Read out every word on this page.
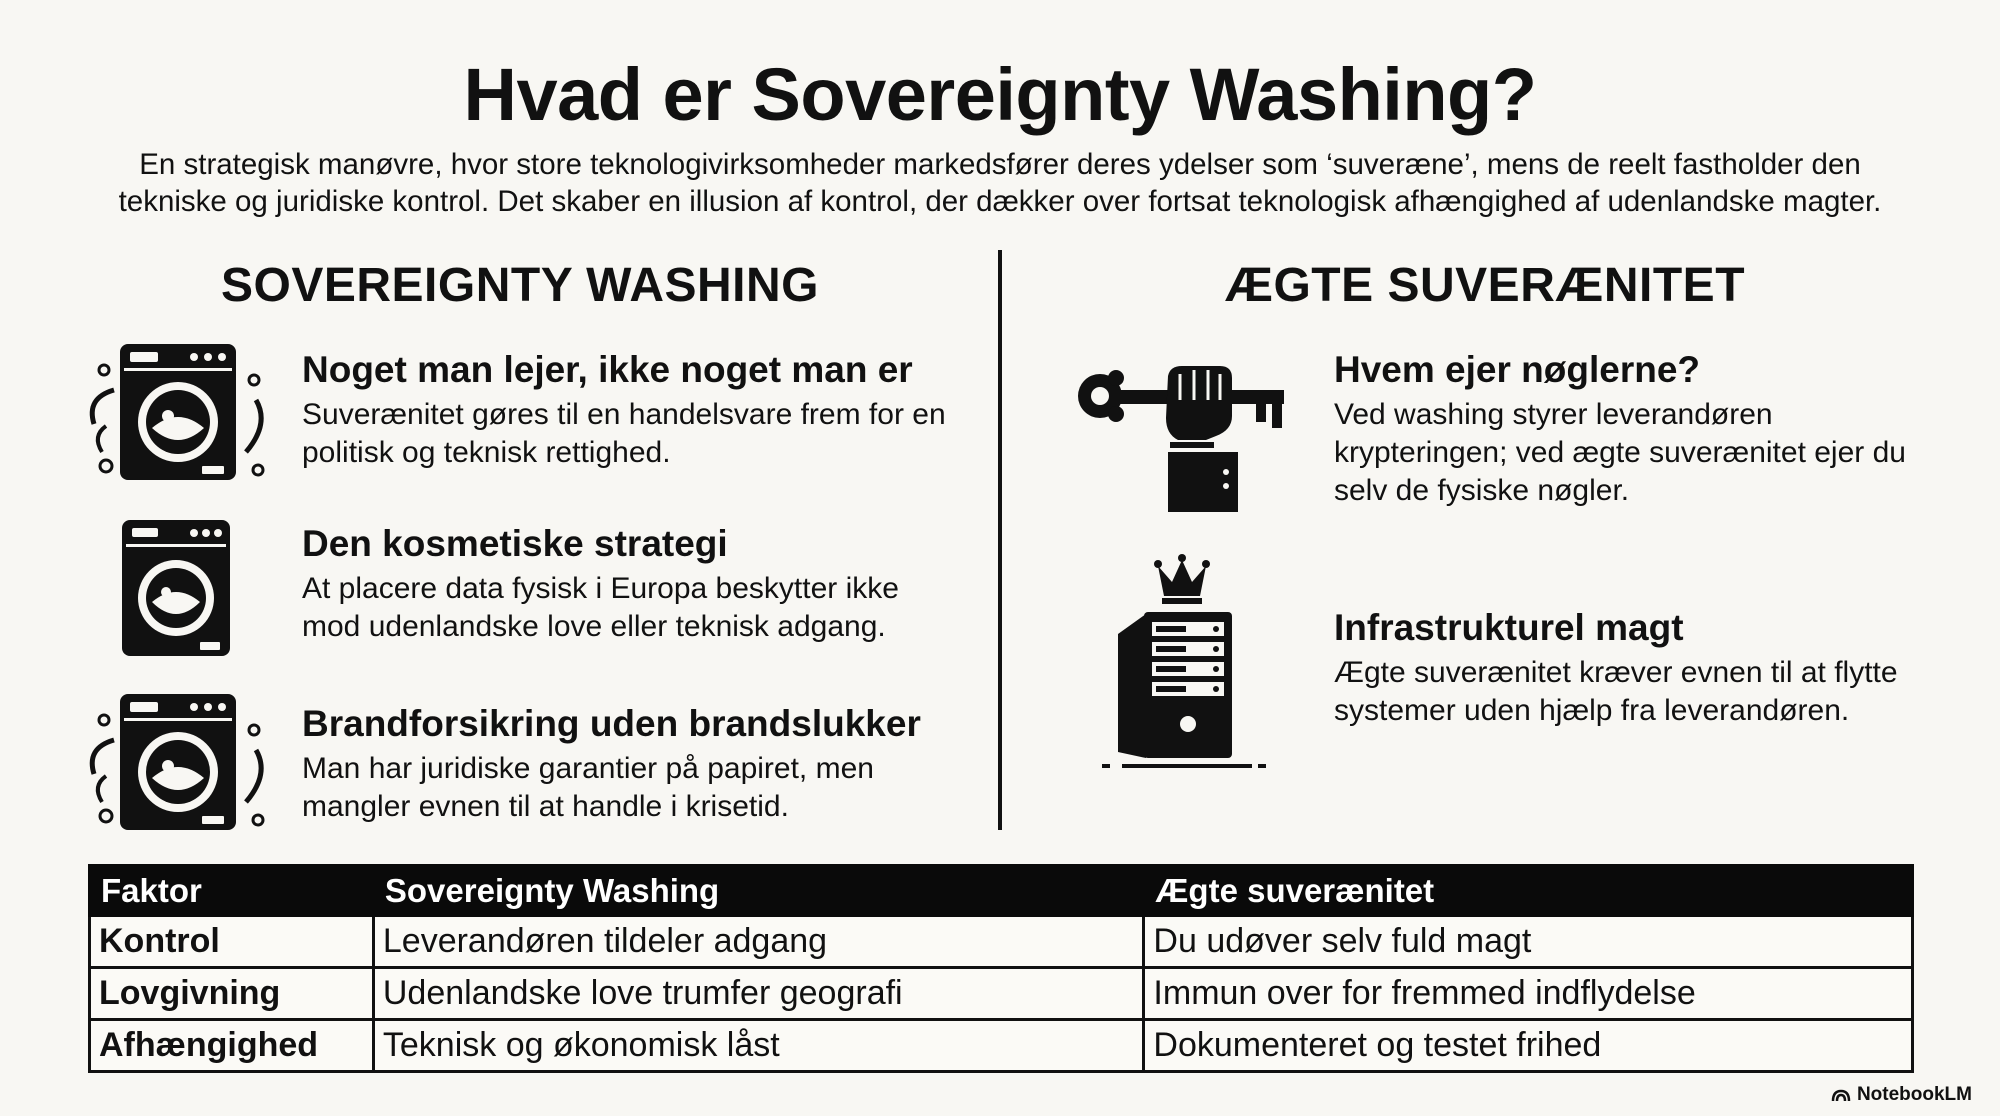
Hvad er Sovereignty Washing?
En strategisk manøvre, hvor store teknologivirksomheder markedsfører deres ydelser som ‘suveræne’, mens de reelt fastholder den tekniske og juridiske kontrol. Det skaber en illusion af kontrol, der dækker over fortsat teknologisk afhængighed af udenlandske magter.
SOVEREIGNTY WASHING	ÆGTE SUVERÆNITET
Noget man lejer, ikke noget man er
Suverænitet gøres til en handelsvare frem for en politisk og teknisk rettighed.
Den kosmetiske strategi
At placere data fysisk i Europa beskytter ikke mod udenlandske love eller teknisk adgang.
Brandforsikring uden brandslukker
Man har juridiske garantier på papiret, men mangler evnen til at handle i krisetid.
Hvem ejer nøglerne?
Ved washing styrer leverandøren krypteringen; ved ægte suverænitet ejer du selv de fysiske nøgler.
Infrastrukturel magt
Ægte suverænitet kræver evnen til at flytte systemer uden hjælp fra leverandøren.
Faktor	Sovereignty Washing	Ægte suverænitet
Kontrol	Leverandøren tildeler adgang	Du udøver selv fuld magt
Lovgivning	Udenlandske love trumfer geografi	Immun over for fremmed indflydelse
Afhængighed	Teknisk og økonomisk låst	Dokumenteret og testet frihed
NotebookLM
